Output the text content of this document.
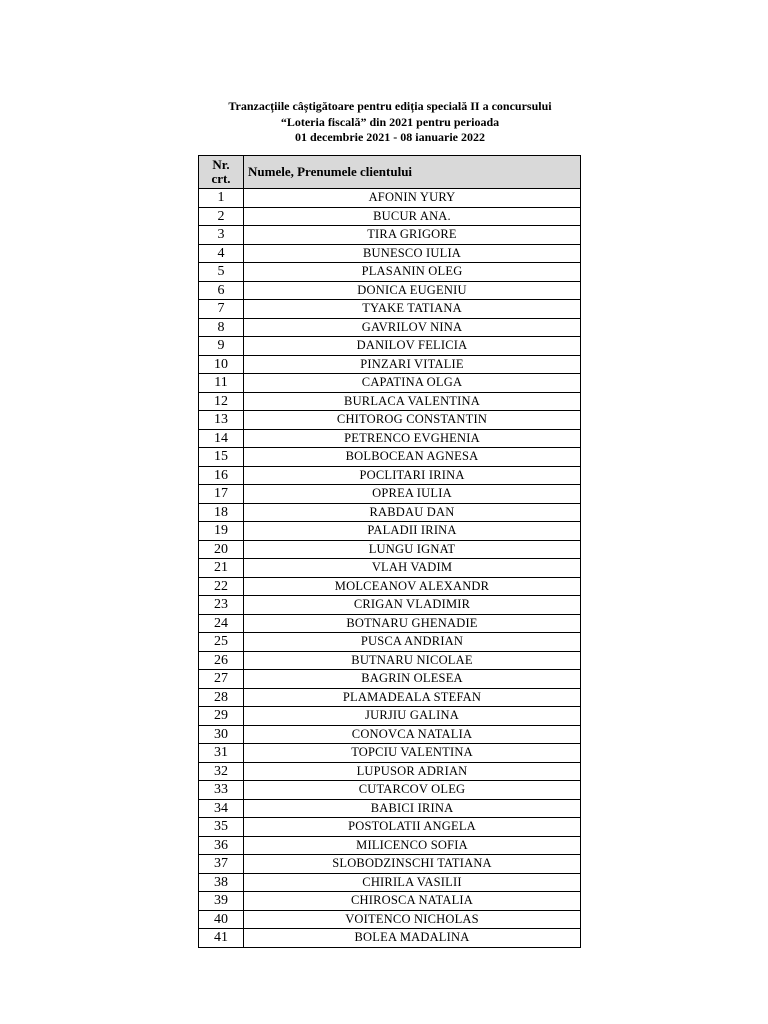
Tranzacțiile câștigătoare pentru ediția specială II a concursului
“Loteria fiscală” din 2021 pentru perioada
01 decembrie 2021 - 08 ianuarie 2022
Nr.
crt.	Numele, Prenumele clientului
1	AFONIN YURY
2	BUCUR ANA.
3	TIRA GRIGORE
4	BUNESCO IULIA
5	PLASANIN OLEG
6	DONICA EUGENIU
7	TYAKE TATIANA
8	GAVRILOV NINA
9	DANILOV FELICIA
10	PINZARI VITALIE
11	CAPATINA OLGA
12	BURLACA VALENTINA
13	CHITOROG CONSTANTIN
14	PETRENCO EVGHENIA
15	BOLBOCEAN AGNESA
16	POCLITARI IRINA
17	OPREA IULIA
18	RABDAU DAN
19	PALADII IRINA
20	LUNGU IGNAT
21	VLAH VADIM
22	MOLCEANOV ALEXANDR
23	CRIGAN VLADIMIR
24	BOTNARU GHENADIE
25	PUSCA ANDRIAN
26	BUTNARU NICOLAE
27	BAGRIN OLESEA
28	PLAMADEALA STEFAN
29	JURJIU GALINA
30	CONOVCA NATALIA
31	TOPCIU VALENTINA
32	LUPUSOR ADRIAN
33	CUTARCOV OLEG
34	BABICI IRINA
35	POSTOLATII ANGELA
36	MILICENCO SOFIA
37	SLOBODZINSCHI TATIANA
38	CHIRILA VASILII
39	CHIROSCA NATALIA
40	VOITENCO NICHOLAS
41	BOLEA MADALINA
